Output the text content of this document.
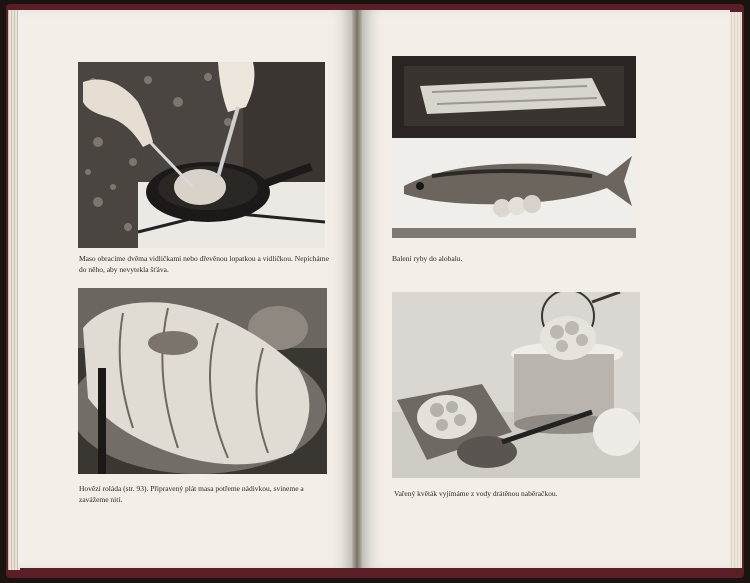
Maso obracíme dvěma vidličkami nebo dřevěnou lopatkou a vidličkou. Nepícháme do něho, aby nevytekla šťáva.
Hovězí roláda (str. 93). Připravený plát masa potřeme nádivkou, svineme a zavážeme nití.
Balení ryby do alobalu.
Vařený květák vyjímáme z vody drátěnou naběračkou.
